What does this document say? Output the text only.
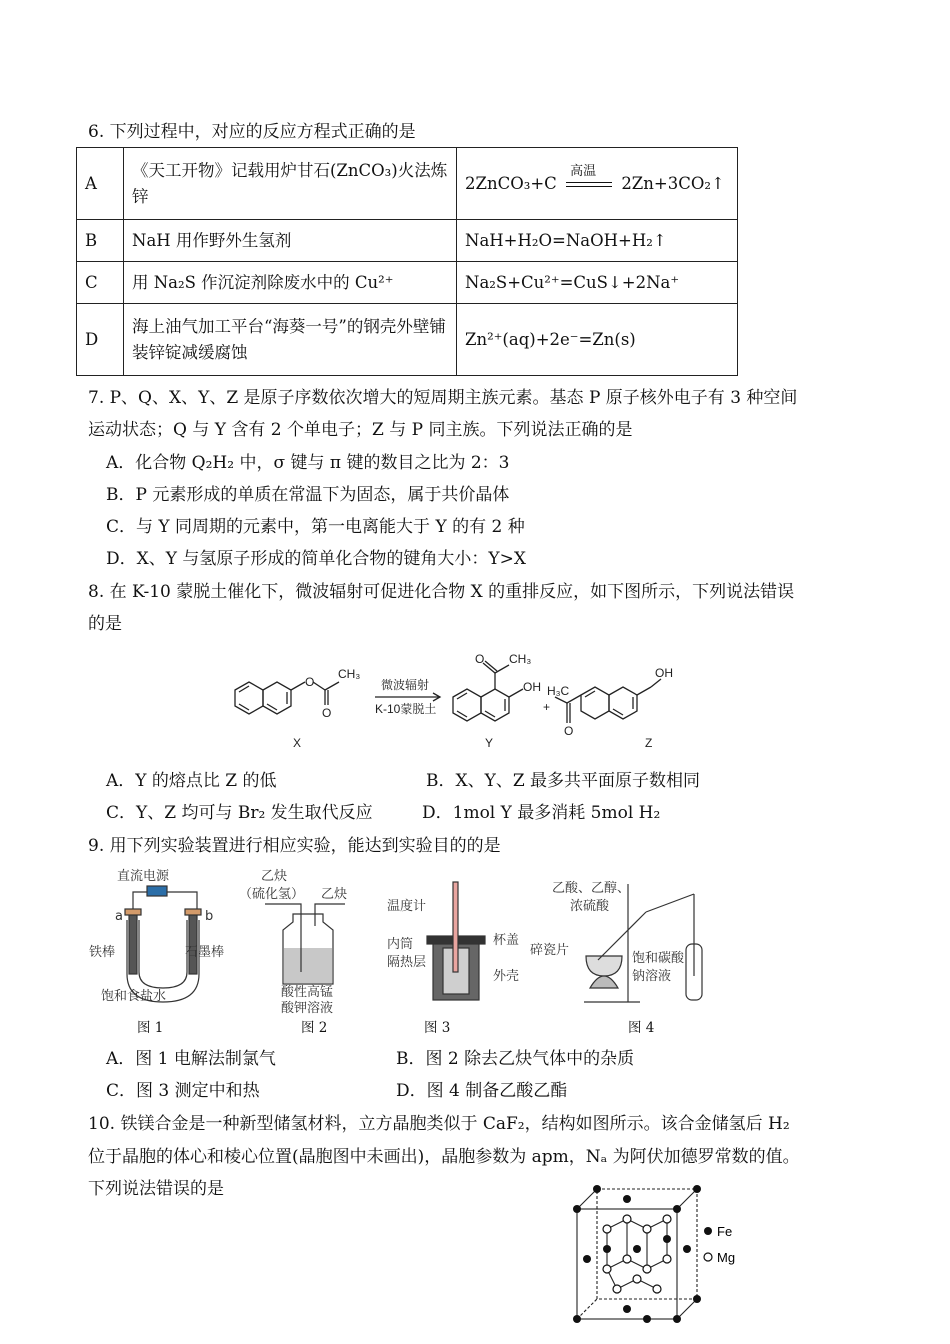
6. 下列过程中，对应的反应方程式正确的是
A	《天工开物》记载用炉甘石(ZnCO₃)火法炼锌	2ZnCO₃+C
高温
2Zn+3CO₂↑
B	NaH 用作野外生氢剂	NaH+H₂O=NaOH+H₂↑
C	用 Na₂S 作沉淀剂除废水中的 Cu²⁺	Na₂S+Cu²⁺=CuS↓+2Na⁺
D	海上油气加工平台“海葵一号”的钢壳外壁铺装锌锭减缓腐蚀	Zn²⁺(aq)+2e⁻=Zn(s)
7. P、Q、X、Y、Z 是原子序数依次增大的短周期主族元素。基态 P 原子核外电子有 3 种空间
运动状态；Q 与 Y 含有 2 个单电子；Z 与 P 同主族。下列说法正确的是
A．化合物 Q₂H₂ 中，σ 键与 π 键的数目之比为 2：3
B．P 元素形成的单质在常温下为固态，属于共价晶体
C．与 Y 同周期的元素中，第一电离能大于 Y 的有 2 种
D．X、Y 与氢原子形成的简单化合物的键角大小：Y>X
8. 在 K-10 蒙脱土催化下，微波辐射可促进化合物 X 的重排反应，如下图所示，下列说法错误
的是
O
CH₃
O
微波辐射
K-10蒙脱土
O CH₃
OH
+
H₃C
O
OH
X	Y	Z
A．Y 的熔点比 Z 的低	B．X、Y、Z 最多共平面原子数相同
C．Y、Z 均可与 Br₂ 发生取代反应	D．1mol Y 最多消耗 5mol H₂
9. 用下列实验装置进行相应实验，能达到实验目的的是
直流电源
a	b
铁棒	石墨棒
饱和食盐水
乙炔
（硫化氢） 乙炔
酸性高锰
酸钾溶液
温度计
杯盖
内筒
隔热层
外壳
乙酸、乙醇、
浓硫酸
碎瓷片
饱和碳酸
钠溶液
图 1	图 2	图 3	图 4
A．图 1 电解法制氯气	B．图 2 除去乙炔气体中的杂质
C．图 3 测定中和热	D．图 4 制备乙酸乙酯
10. 铁镁合金是一种新型储氢材料，立方晶胞类似于 CaF₂，结构如图所示。该合金储氢后 H₂
位于晶胞的体心和棱心位置(晶胞图中未画出)，晶胞参数为 apm，Nₐ 为阿伏加德罗常数的值。
下列说法错误的是
Fe
Mg
